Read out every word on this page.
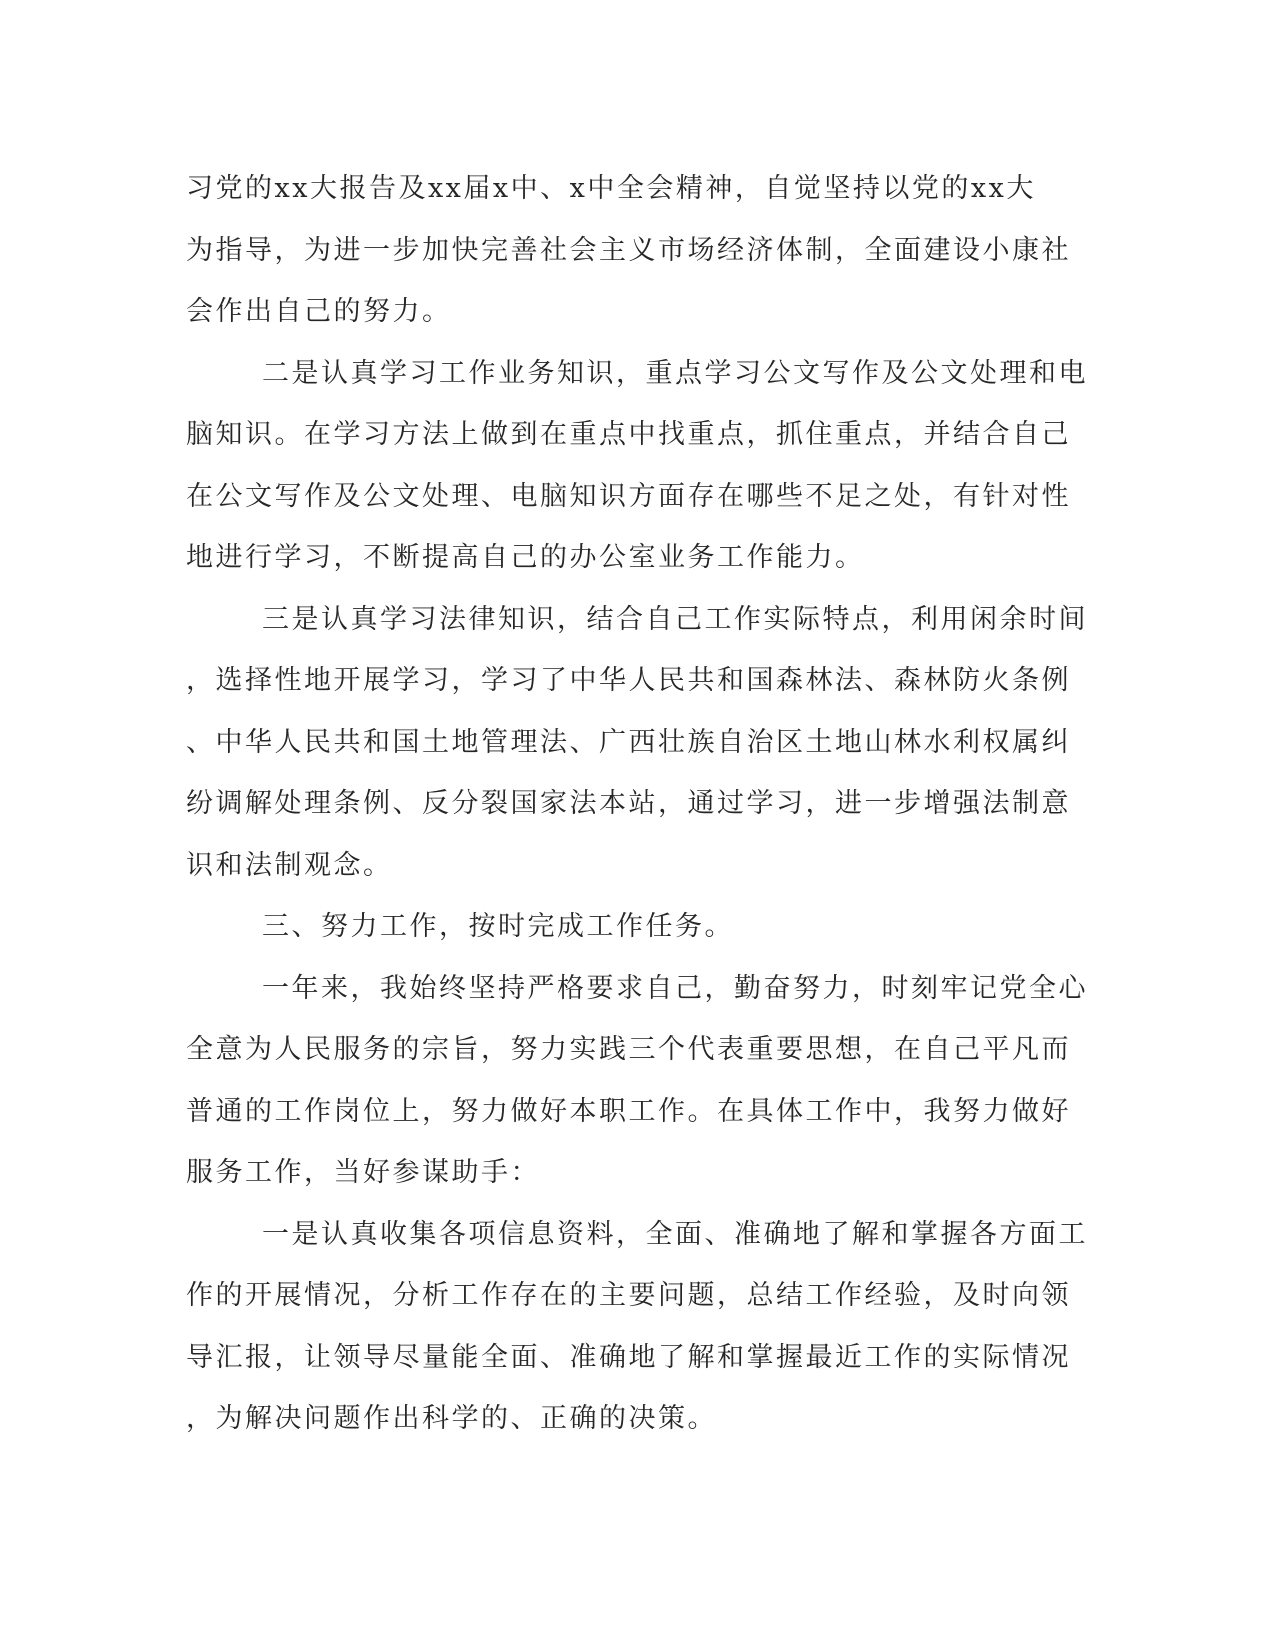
习党的xx大报告及xx届x中、x中全会精神，自觉坚持以党的xx大
为指导，为进一步加快完善社会主义市场经济体制，全面建设小康社
会作出自己的努力。
二是认真学习工作业务知识，重点学习公文写作及公文处理和电
脑知识。在学习方法上做到在重点中找重点，抓住重点，并结合自己
在公文写作及公文处理、电脑知识方面存在哪些不足之处，有针对性
地进行学习，不断提高自己的办公室业务工作能力。
三是认真学习法律知识，结合自己工作实际特点，利用闲余时间
，选择性地开展学习，学习了中华人民共和国森林法、森林防火条例
、中华人民共和国土地管理法、广西壮族自治区土地山林水利权属纠
纷调解处理条例、反分裂国家法本站，通过学习，进一步增强法制意
识和法制观念。
三、努力工作，按时完成工作任务。
一年来，我始终坚持严格要求自己，勤奋努力，时刻牢记党全心
全意为人民服务的宗旨，努力实践三个代表重要思想，在自己平凡而
普通的工作岗位上，努力做好本职工作。在具体工作中，我努力做好
服务工作，当好参谋助手：
一是认真收集各项信息资料，全面、准确地了解和掌握各方面工
作的开展情况，分析工作存在的主要问题，总结工作经验，及时向领
导汇报，让领导尽量能全面、准确地了解和掌握最近工作的实际情况
，为解决问题作出科学的、正确的决策。
